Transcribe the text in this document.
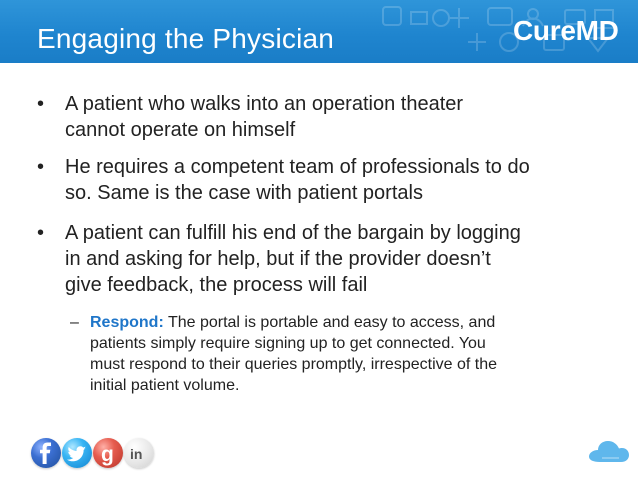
Engaging the Physician	CureMD
• A patient who walks into an operation theater
cannot operate on himself
• He requires a competent team of professionals to do
so. Same is the case with patient portals
• A patient can fulfill his end of the bargain by logging
in and asking for help, but if the provider doesn’t
give feedback, the process will fail
– Respond: The portal is portable and easy to access, and
patients simply require signing up to get connected. You
must respond to their queries promptly, irrespective of the
initial patient volume.
g in
